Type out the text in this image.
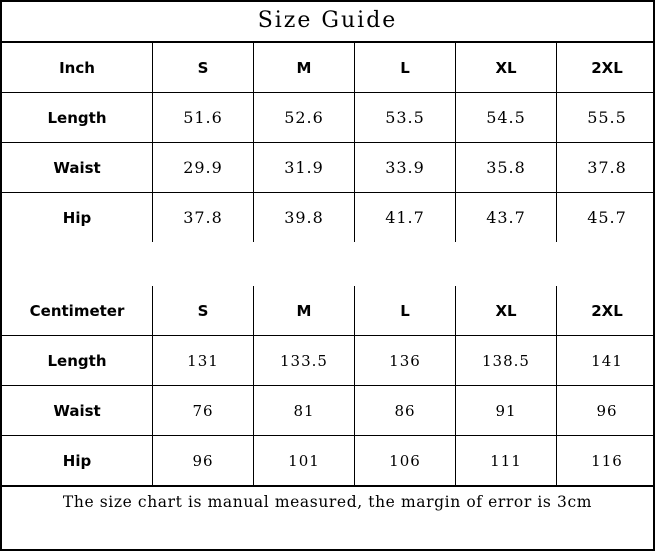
Size Guide
Inch	S	M	L	XL	2XL
Length	51.6	52.6	53.5	54.5	55.5
Waist	29.9	31.9	33.9	35.8	37.8
Hip	37.8	39.8	41.7	43.7	45.7
Centimeter	S	M	L	XL	2XL
Length	131	133.5	136	138.5	141
Waist	76	81	86	91	96
Hip	96	101	106	111	116
The size chart is manual measured, the margin of error is 3cm
